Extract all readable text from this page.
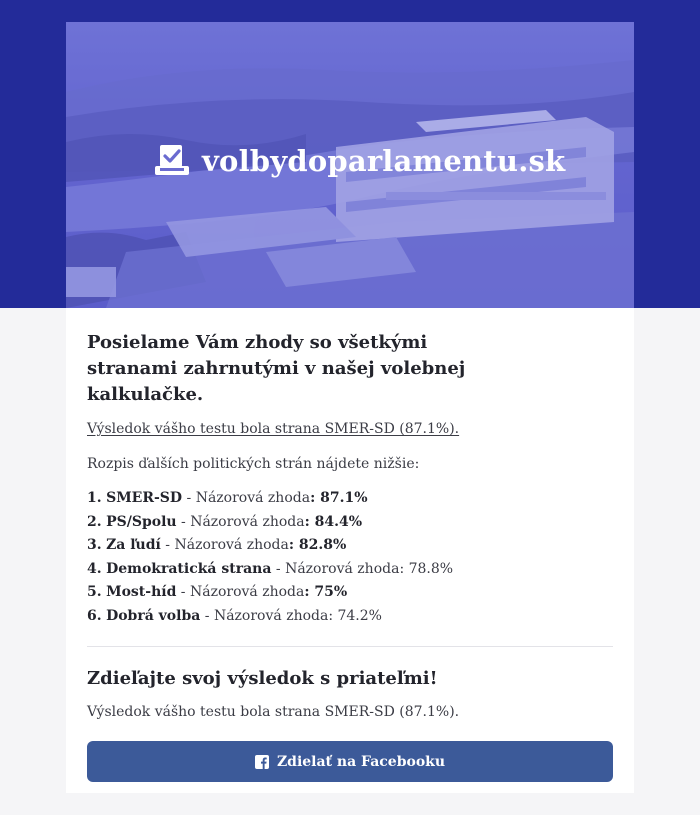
volbydoparlamentu.sk
Posielame Vám zhody so všetkými stranami zahrnutými v našej volebnej kalkulačke.
Výsledok vášho testu bola strana SMER-SD (87.1%).

Rozpis ďalších politických strán nájdete nižšie:

1. SMER-SD - Názorová zhoda: 87.1%
2. PS/Spolu - Názorová zhoda: 84.4%
3. Za ľudí - Názorová zhoda: 82.8%
4. Demokratická strana - Názorová zhoda: 78.8%
5. Most-híd - Názorová zhoda: 75%
6. Dobrá volba - Názorová zhoda: 74.2%
Zdieľajte svoj výsledok s priateľmi!

Výsledok vášho testu bola strana SMER-SD (87.1%).

Zdielať na Facebooku
